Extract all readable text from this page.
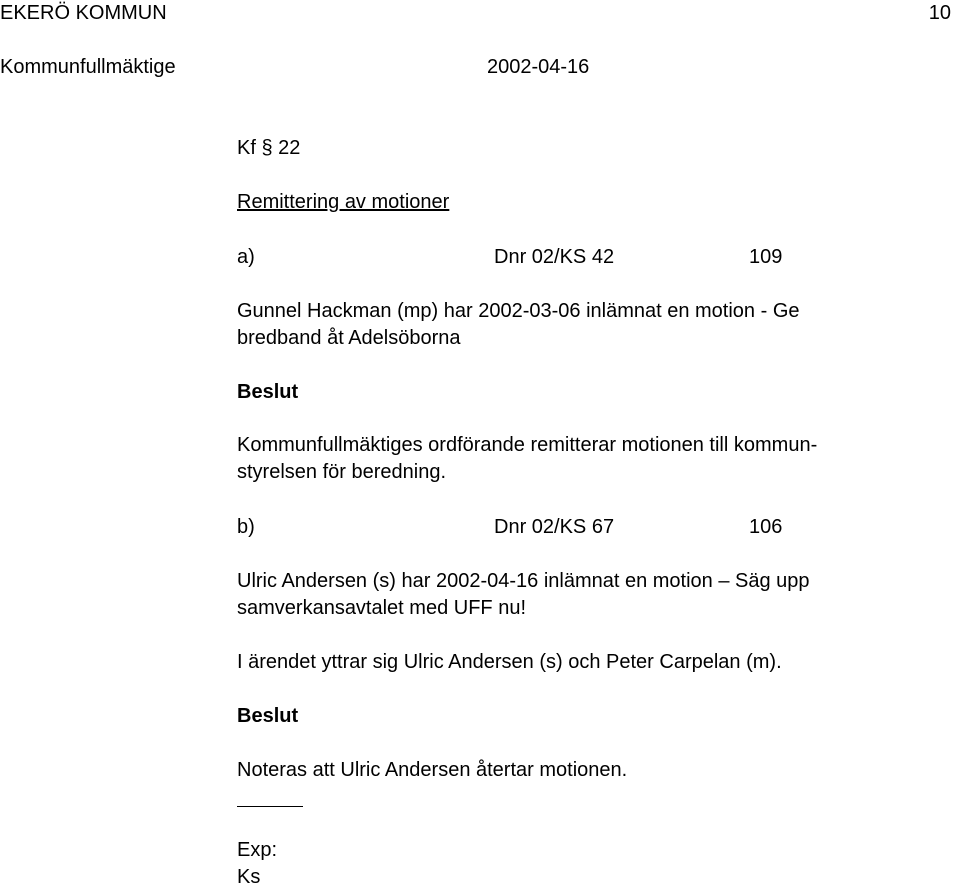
EKERÖ KOMMUN	10
Kommunfullmäktige	2002-04-16
Kf § 22
Remittering av motioner
a)	Dnr 02/KS 42	109
Gunnel Hackman (mp) har 2002-03-06 inlämnat en motion - Ge bredband åt Adelsöborna
Beslut
Kommunfullmäktiges ordförande remitterar motionen till kommun-
styrelsen för beredning.
b)	Dnr 02/KS 67	106
Ulric Andersen (s) har 2002-04-16 inlämnat en motion – Säg upp
samverkansavtalet med UFF nu!
I ärendet yttrar sig Ulric Andersen (s) och Peter Carpelan (m).
Beslut
Noteras att Ulric Andersen återtar motionen.
Exp:
Ks
